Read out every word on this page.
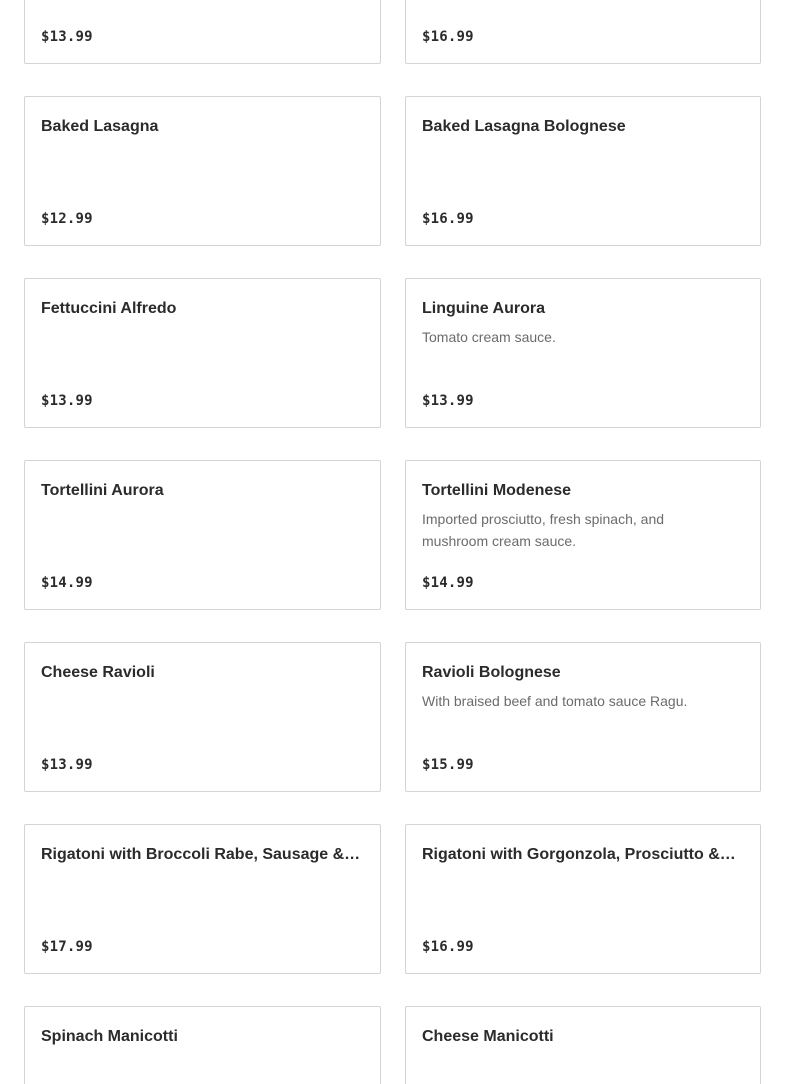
$13.99	$16.99
Baked Lasagna
$12.99
Baked Lasagna Bolognese
$16.99
Fettuccini Alfredo
$13.99
Linguine Aurora
Tomato cream sauce.
$13.99
Tortellini Aurora
$14.99
Tortellini Modenese
Imported prosciutto, fresh spinach, and mushroom cream sauce.
$14.99
Cheese Ravioli
$13.99
Ravioli Bolognese
With braised beef and tomato sauce Ragu.
$15.99
Rigatoni with Broccoli Rabe, Sausage &…
$17.99
Rigatoni with Gorgonzola, Prosciutto &…
$16.99
Spinach Manicotti	Cheese Manicotti
